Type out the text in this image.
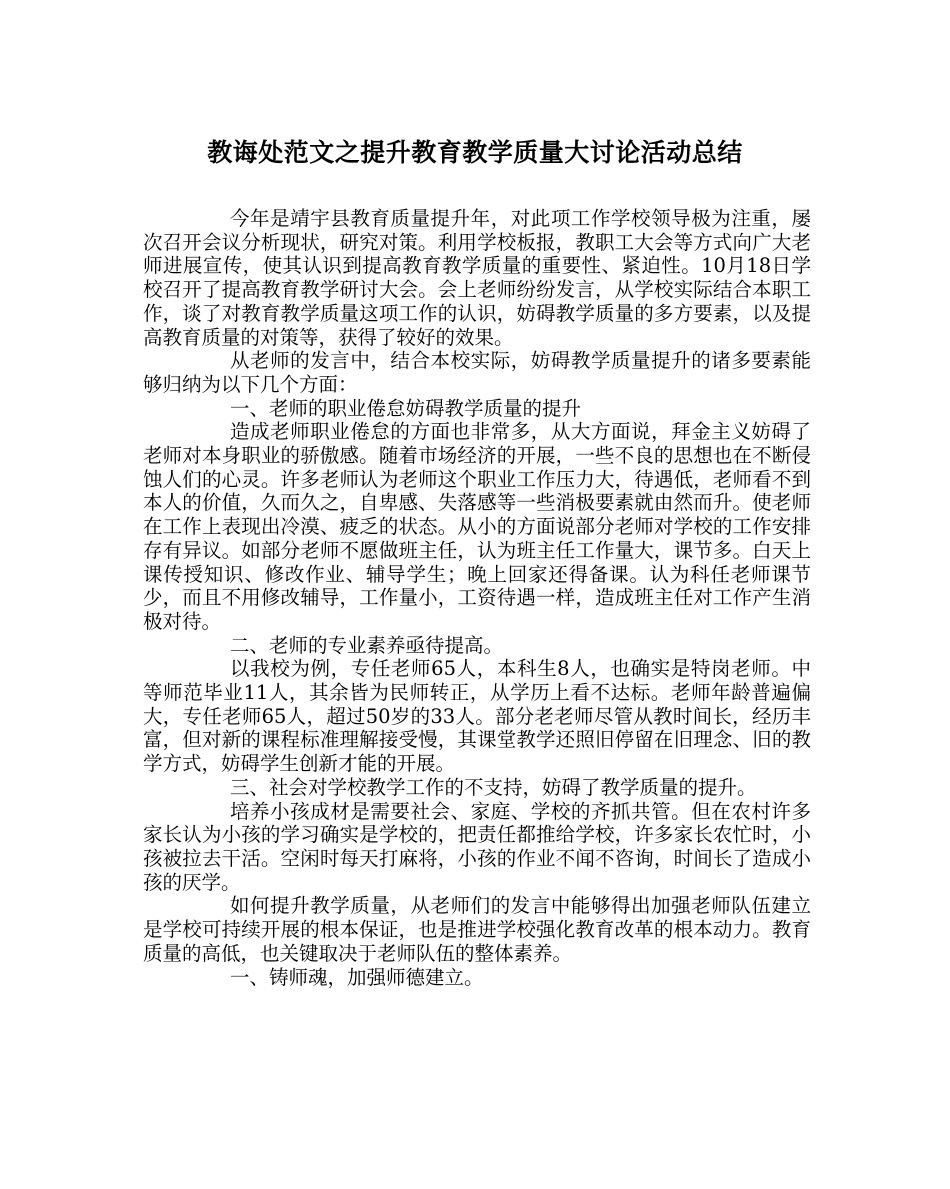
教诲处范文之提升教育教学质量大讨论活动总结

今年是靖宇县教育质量提升年，对此项工作学校领导极为注重，屡次召开会议分析现状，研究对策。利用学校板报，教职工大会等方式向广大老师进展宣传，使其认识到提高教育教学质量的重要性、紧迫性。10月18日学校召开了提高教育教学研讨大会。会上老师纷纷发言，从学校实际结合本职工作，谈了对教育教学质量这项工作的认识，妨碍教学质量的多方要素，以及提高教育质量的对策等，获得了较好的效果。

从老师的发言中，结合本校实际，妨碍教学质量提升的诸多要素能够归纳为以下几个方面：

一、老师的职业倦怠妨碍教学质量的提升

造成老师职业倦怠的方面也非常多，从大方面说，拜金主义妨碍了老师对本身职业的骄傲感。随着市场经济的开展，一些不良的思想也在不断侵蚀人们的心灵。许多老师认为老师这个职业工作压力大，待遇低，老师看不到本人的价值，久而久之，自卑感、失落感等一些消极要素就由然而升。使老师在工作上表现出冷漠、疲乏的状态。从小的方面说部分老师对学校的工作安排存有异议。如部分老师不愿做班主任，认为班主任工作量大，课节多。白天上课传授知识、修改作业、辅导学生；晚上回家还得备课。认为科任老师课节少，而且不用修改辅导，工作量小，工资待遇一样，造成班主任对工作产生消极对待。

二、老师的专业素养亟待提高。

以我校为例，专任老师65人，本科生8人，也确实是特岗老师。中等师范毕业11人，其余皆为民师转正，从学历上看不达标。老师年龄普遍偏大，专任老师65人，超过50岁的33人。部分老老师尽管从教时间长，经历丰富，但对新的课程标准理解接受慢，其课堂教学还照旧停留在旧理念、旧的教学方式，妨碍学生创新才能的开展。

三、社会对学校教学工作的不支持，妨碍了教学质量的提升。

培养小孩成材是需要社会、家庭、学校的齐抓共管。但在农村许多家长认为小孩的学习确实是学校的，把责任都推给学校，许多家长农忙时，小孩被拉去干活。空闲时每天打麻将，小孩的作业不闻不咨询，时间长了造成小孩的厌学。

如何提升教学质量，从老师们的发言中能够得出加强老师队伍建立是学校可持续开展的根本保证，也是推进学校强化教育改革的根本动力。教育质量的高低，也关键取决于老师队伍的整体素养。

一、铸师魂，加强师德建立。
